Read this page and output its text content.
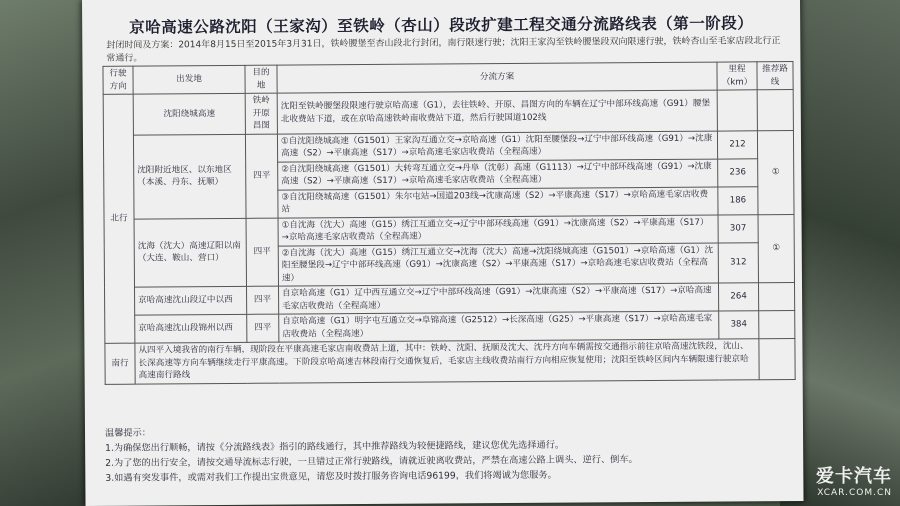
京哈高速公路沈阳（王家沟）至铁岭（杏山）段改扩建工程交通分流路线表（第一阶段）
封闭时间及方案：2014年8月15日至2015年3月31日，铁岭腰堡至杏山段北行封闭，南行限速行驶；沈阳王家沟至铁岭腰堡段双向限速行驶，铁岭杏山至毛家店段北行正常通行。
行驶方向	出发地	目的地	分流方案	里程（km）	推荐路线
北行	沈阳绕城高速	铁岭开原昌图	沈阳至铁岭腰堡段限速行驶京哈高速（G1），去往铁岭、开原、昌图方向的车辆在辽宁中部环线高速（G91）腰堡北收费站下道，或在京哈高速铁岭南收费站下道，然后行驶国道102线		
	沈阳附近地区、以东地区（本溪、丹东、抚顺）	四平	①自沈阳绕城高速（G1501）王家沟互通立交→京哈高速（G1）沈阳至腰堡段→辽宁中部环线高速（G91）→沈康高速（S2）→平康高速（S17）→京哈高速毛家店收费站（全程高速）	212	①
			②自沈阳绕城高速（G1501）大转弯互通立交→丹阜（沈彰）高速（G1113）→辽宁中部环线高速（G91）→沈康高速（S2）→平康高速（S17）→京哈高速毛家店收费站（全程高速）	236	
			③自沈阳绕城高速（G1501）朱尔屯站→国道203线→沈康高速（S2）→平康高速（S17）→京哈高速毛家店收费站	186	
	沈海（沈大）高速辽阳以南（大连、鞍山、营口）	四平	①自沈海（沈大）高速（G15）绣江互通立交→辽宁中部环线高速（G91）→沈康高速（S2）→平康高速（S17）→京哈高速毛家店收费站（全程高速）	307	①
			②自沈海（沈大）高速（G15）绣江互通立交→沈海（沈大）高速→沈阳绕城高速（G1501）→京哈高速（G1）沈阳至腰堡段→辽宁中部环线高速（G91）→沈康高速（S2）→平康高速（S17）→京哈高速毛家店收费站（全程高速）	312	
	京哈高速沈山段辽中以西	四平	自京哈高速（G1）辽中西互通立交→辽宁中部环线高速（G91）→沈康高速（S2）→平康高速（S17）→京哈高速毛家店收费站（全程高速）	264	
	京哈高速沈山段锦州以西	四平	自京哈高速（G1）明字屯互通立交→阜锦高速（G2512）→长深高速（G25）→平康高速（S17）→京哈高速毛家店收费站（全程高速）	384	
南行	从四平入境我省的南行车辆，现阶段在平康高速毛家店南收费站上道，其中：铁岭、沈阳、抚顺及沈大、沈丹方向车辆需按交通指示前往京哈高速沈铁段，沈山、长深高速等方向车辆继续走行平康高速。下阶段京哈高速吉林段南行交通恢复后，毛家店主线收费站南行方向相应恢复使用；沈阳至铁岭区间内车辆限速行驶京哈高速南行路线				
温馨提示：
1.为确保您出行顺畅，请按《分流路线表》指引的路线通行，其中推荐路线为较便捷路线，建议您优先选择通行。
2.为了您的出行安全，请按交通导流标志行驶，一旦错过正常行驶路线，请就近驶离收费站，严禁在高速公路上调头、逆行、倒车。
3.如遇有突发事件，或需对我们工作提出宝贵意见，请您及时拨打服务咨询电话96199，我们将竭诚为您服务。	爱卡汽车
XCAR.COM.CN
